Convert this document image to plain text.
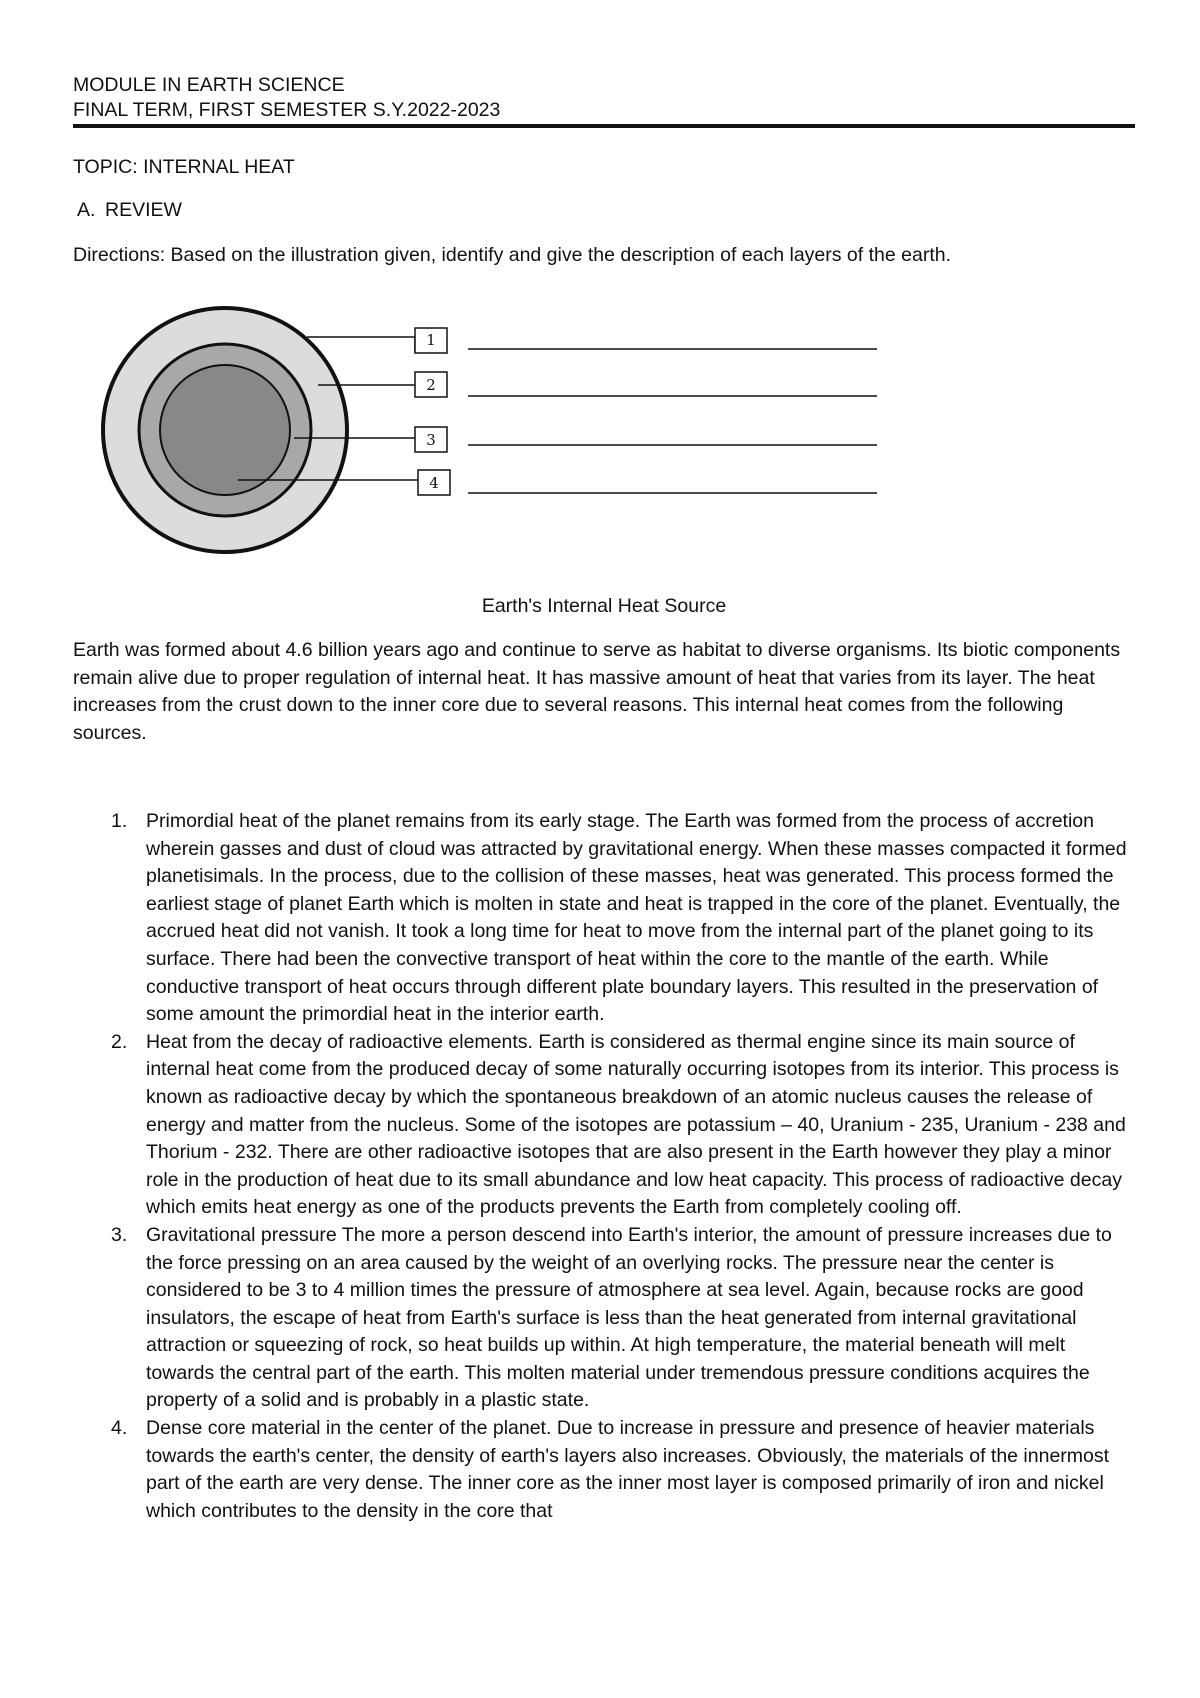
MODULE IN EARTH SCIENCE
FINAL TERM, FIRST SEMESTER S.Y.2022-2023
TOPIC: INTERNAL HEAT
A. REVIEW
Directions: Based on the illustration given, identify and give the description of each layers of the earth.
Earth's Internal Heat Source
Earth was formed about 4.6 billion years ago and continue to serve as habitat to diverse organisms. Its biotic components remain alive due to proper regulation of internal heat. It has massive amount of heat that varies from its layer. The heat increases from the crust down to the inner core due to several reasons. This internal heat comes from the following sources.
1. Primordial heat of the planet remains from its early stage. The Earth was formed from the process of accretion wherein gasses and dust of cloud was attracted by gravitational energy. When these masses compacted it formed planetisimals. In the process, due to the collision of these masses, heat was generated. This process formed the earliest stage of planet Earth which is molten in state and heat is trapped in the core of the planet. Eventually, the accrued heat did not vanish. It took a long time for heat to move from the internal part of the planet going to its surface. There had been the convective transport of heat within the core to the mantle of the earth. While conductive transport of heat occurs through different plate boundary layers. This resulted in the preservation of some amount the primordial heat in the interior earth.
2. Heat from the decay of radioactive elements. Earth is considered as thermal engine since its main source of internal heat come from the produced decay of some naturally occurring isotopes from its interior. This process is known as radioactive decay by which the spontaneous breakdown of an atomic nucleus causes the release of energy and matter from the nucleus. Some of the isotopes are potassium – 40, Uranium - 235, Uranium - 238 and Thorium - 232. There are other radioactive isotopes that are also present in the Earth however they play a minor role in the production of heat due to its small abundance and low heat capacity. This process of radioactive decay which emits heat energy as one of the products prevents the Earth from completely cooling off.
3. Gravitational pressure The more a person descend into Earth's interior, the amount of pressure increases due to the force pressing on an area caused by the weight of an overlying rocks. The pressure near the center is considered to be 3 to 4 million times the pressure of atmosphere at sea level. Again, because rocks are good insulators, the escape of heat from Earth's surface is less than the heat generated from internal gravitational attraction or squeezing of rock, so heat builds up within. At high temperature, the material beneath will melt towards the central part of the earth. This molten material under tremendous pressure conditions acquires the property of a solid and is probably in a plastic state.
4. Dense core material in the center of the planet. Due to increase in pressure and presence of heavier materials towards the earth's center, the density of earth's layers also increases. Obviously, the materials of the innermost part of the earth are very dense. The inner core as the inner most layer is composed primarily of iron and nickel which contributes to the density in the core that
1
2
3
4
